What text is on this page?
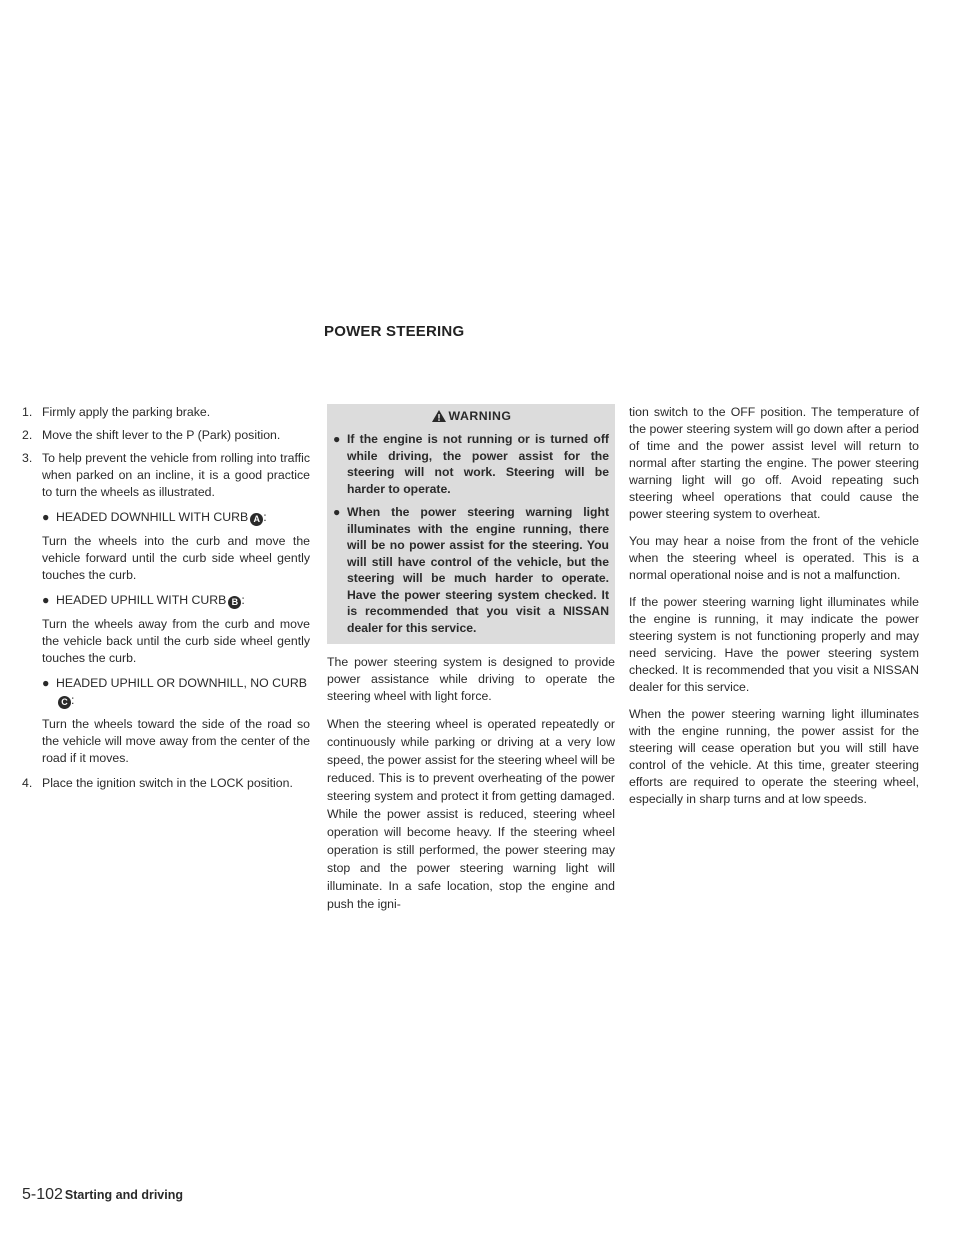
POWER STEERING
1. Firmly apply the parking brake.
2. Move the shift lever to the P (Park) position.
3. To help prevent the vehicle from rolling into traffic when parked on an incline, it is a good practice to turn the wheels as illustrated.
● HEADED DOWNHILL WITH CURB A :

Turn the wheels into the curb and move the vehicle forward until the curb side wheel gently touches the curb.

● HEADED UPHILL WITH CURB B :

Turn the wheels away from the curb and move the vehicle back until the curb side wheel gently touches the curb.

● HEADED UPHILL OR DOWNHILL, NO CURBC :

Turn the wheels toward the side of the road so the vehicle will move away from the center of the road if it moves.

4. Place the ignition switch in the LOCK position.
WARNING
● If the engine is not running or is turned off while driving, the power assist for the steering will not work. Steering will be harder to operate.
● When the power steering warning light illuminates with the engine running, there will be no power assist for the steering. You will still have control of the vehicle, but the steering will be much harder to operate. Have the power steering system checked. It is recommended that you visit a NISSAN dealer for this service.

The power steering system is designed to provide power assistance while driving to operate the steering wheel with light force.

When the steering wheel is operated repeatedly or continuously while parking or driving at a very low speed, the power assist for the steering wheel will be reduced. This is to prevent overheating of the power steering system and protect it from getting damaged. While the power assist is reduced, steering wheel operation will become heavy. If the steering wheel operation is still performed, the power steering may stop and the power steering warning light will illuminate. In a safe location, stop the engine and push the igni-

tion switch to the OFF position. The temperature of the power steering system will go down after a period of time and the power assist level will return to normal after starting the engine. The power steering warning light will go off. Avoid repeating such steering wheel operations that could cause the power steering system to overheat.

You may hear a noise from the front of the vehicle when the steering wheel is operated. This is a normal operational noise and is not a malfunction.

If the power steering warning light illuminates while the engine is running, it may indicate the power steering system is not functioning properly and may need servicing. Have the power steering system checked. It is recommended that you visit a NISSAN dealer for this service.

When the power steering warning light illuminates with the engine running, the power assist for the steering will cease operation but you will still have control of the vehicle. At this time, greater steering efforts are required to operate the steering wheel, especially in sharp turns and at low speeds.

5-102 Starting and driving
